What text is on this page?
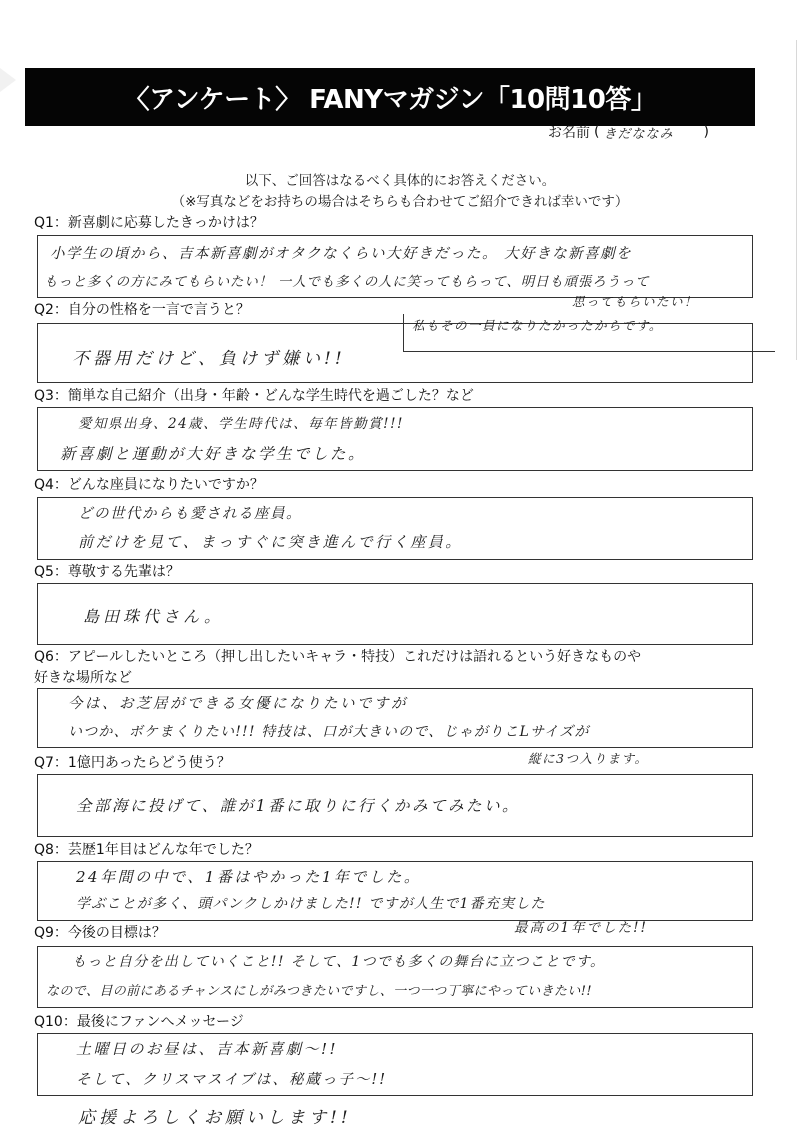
〈アンケート〉 FANYマガジン「10問10答」
お名前 ( きだななみ	)
以下、ご回答はなるべく具体的にお答えください。
（※写真などをお持ちの場合はそちらも合わせてご紹介できれば幸いです）
Q1：新喜劇に応募したきっかけは？
小学生の頃から、吉本新喜劇がオタクなくらい大好きだった。 大好きな新喜劇を
もっと多くの方にみてもらいたい！ 一人でも多くの人に笑ってもらって、明日も頑張ろうって
思ってもらいたい！
Q2：自分の性格を一言で言うと？
不器用だけど、負けず嫌い!!
私もその一員になりたかったからです。
Q3：簡単な自己紹介（出身・年齢・どんな学生時代を過ごした？など
愛知県出身、24歳、学生時代は、毎年皆勤賞!!!
新喜劇と運動が大好きな学生でした。
Q4：どんな座員になりたいですか？
どの世代からも愛される座員。
前だけを見て、まっすぐに突き進んで行く座員。
Q5：尊敬する先輩は？
島田珠代さん。
Q6：アピールしたいところ（押し出したいキャラ・特技）これだけは語れるという好きなものや
好きな場所など
今は、お芝居ができる女優になりたいですが
いつか、ボケまくりたい!!! 特技は、口が大きいので、じゃがりこLサイズが
縦に3つ入ります。
Q7：1億円あったらどう使う？
全部海に投げて、誰が1番に取りに行くかみてみたい。
Q8：芸歴1年目はどんな年でした？
24年間の中で、1番はやかった1年でした。
学ぶことが多く、頭パンクしかけました!! ですが人生で1番充実した
最高の1年でした!!
Q9：今後の目標は？
もっと自分を出していくこと!! そして、1つでも多くの舞台に立つことです。
なので、目の前にあるチャンスにしがみつきたいですし、一つ一つ丁寧にやっていきたい!!
Q10：最後にファンへメッセージ
土曜日のお昼は、吉本新喜劇～!!
そして、クリスマスイブは、秘蔵っ子～!!
応援よろしくお願いします!!
